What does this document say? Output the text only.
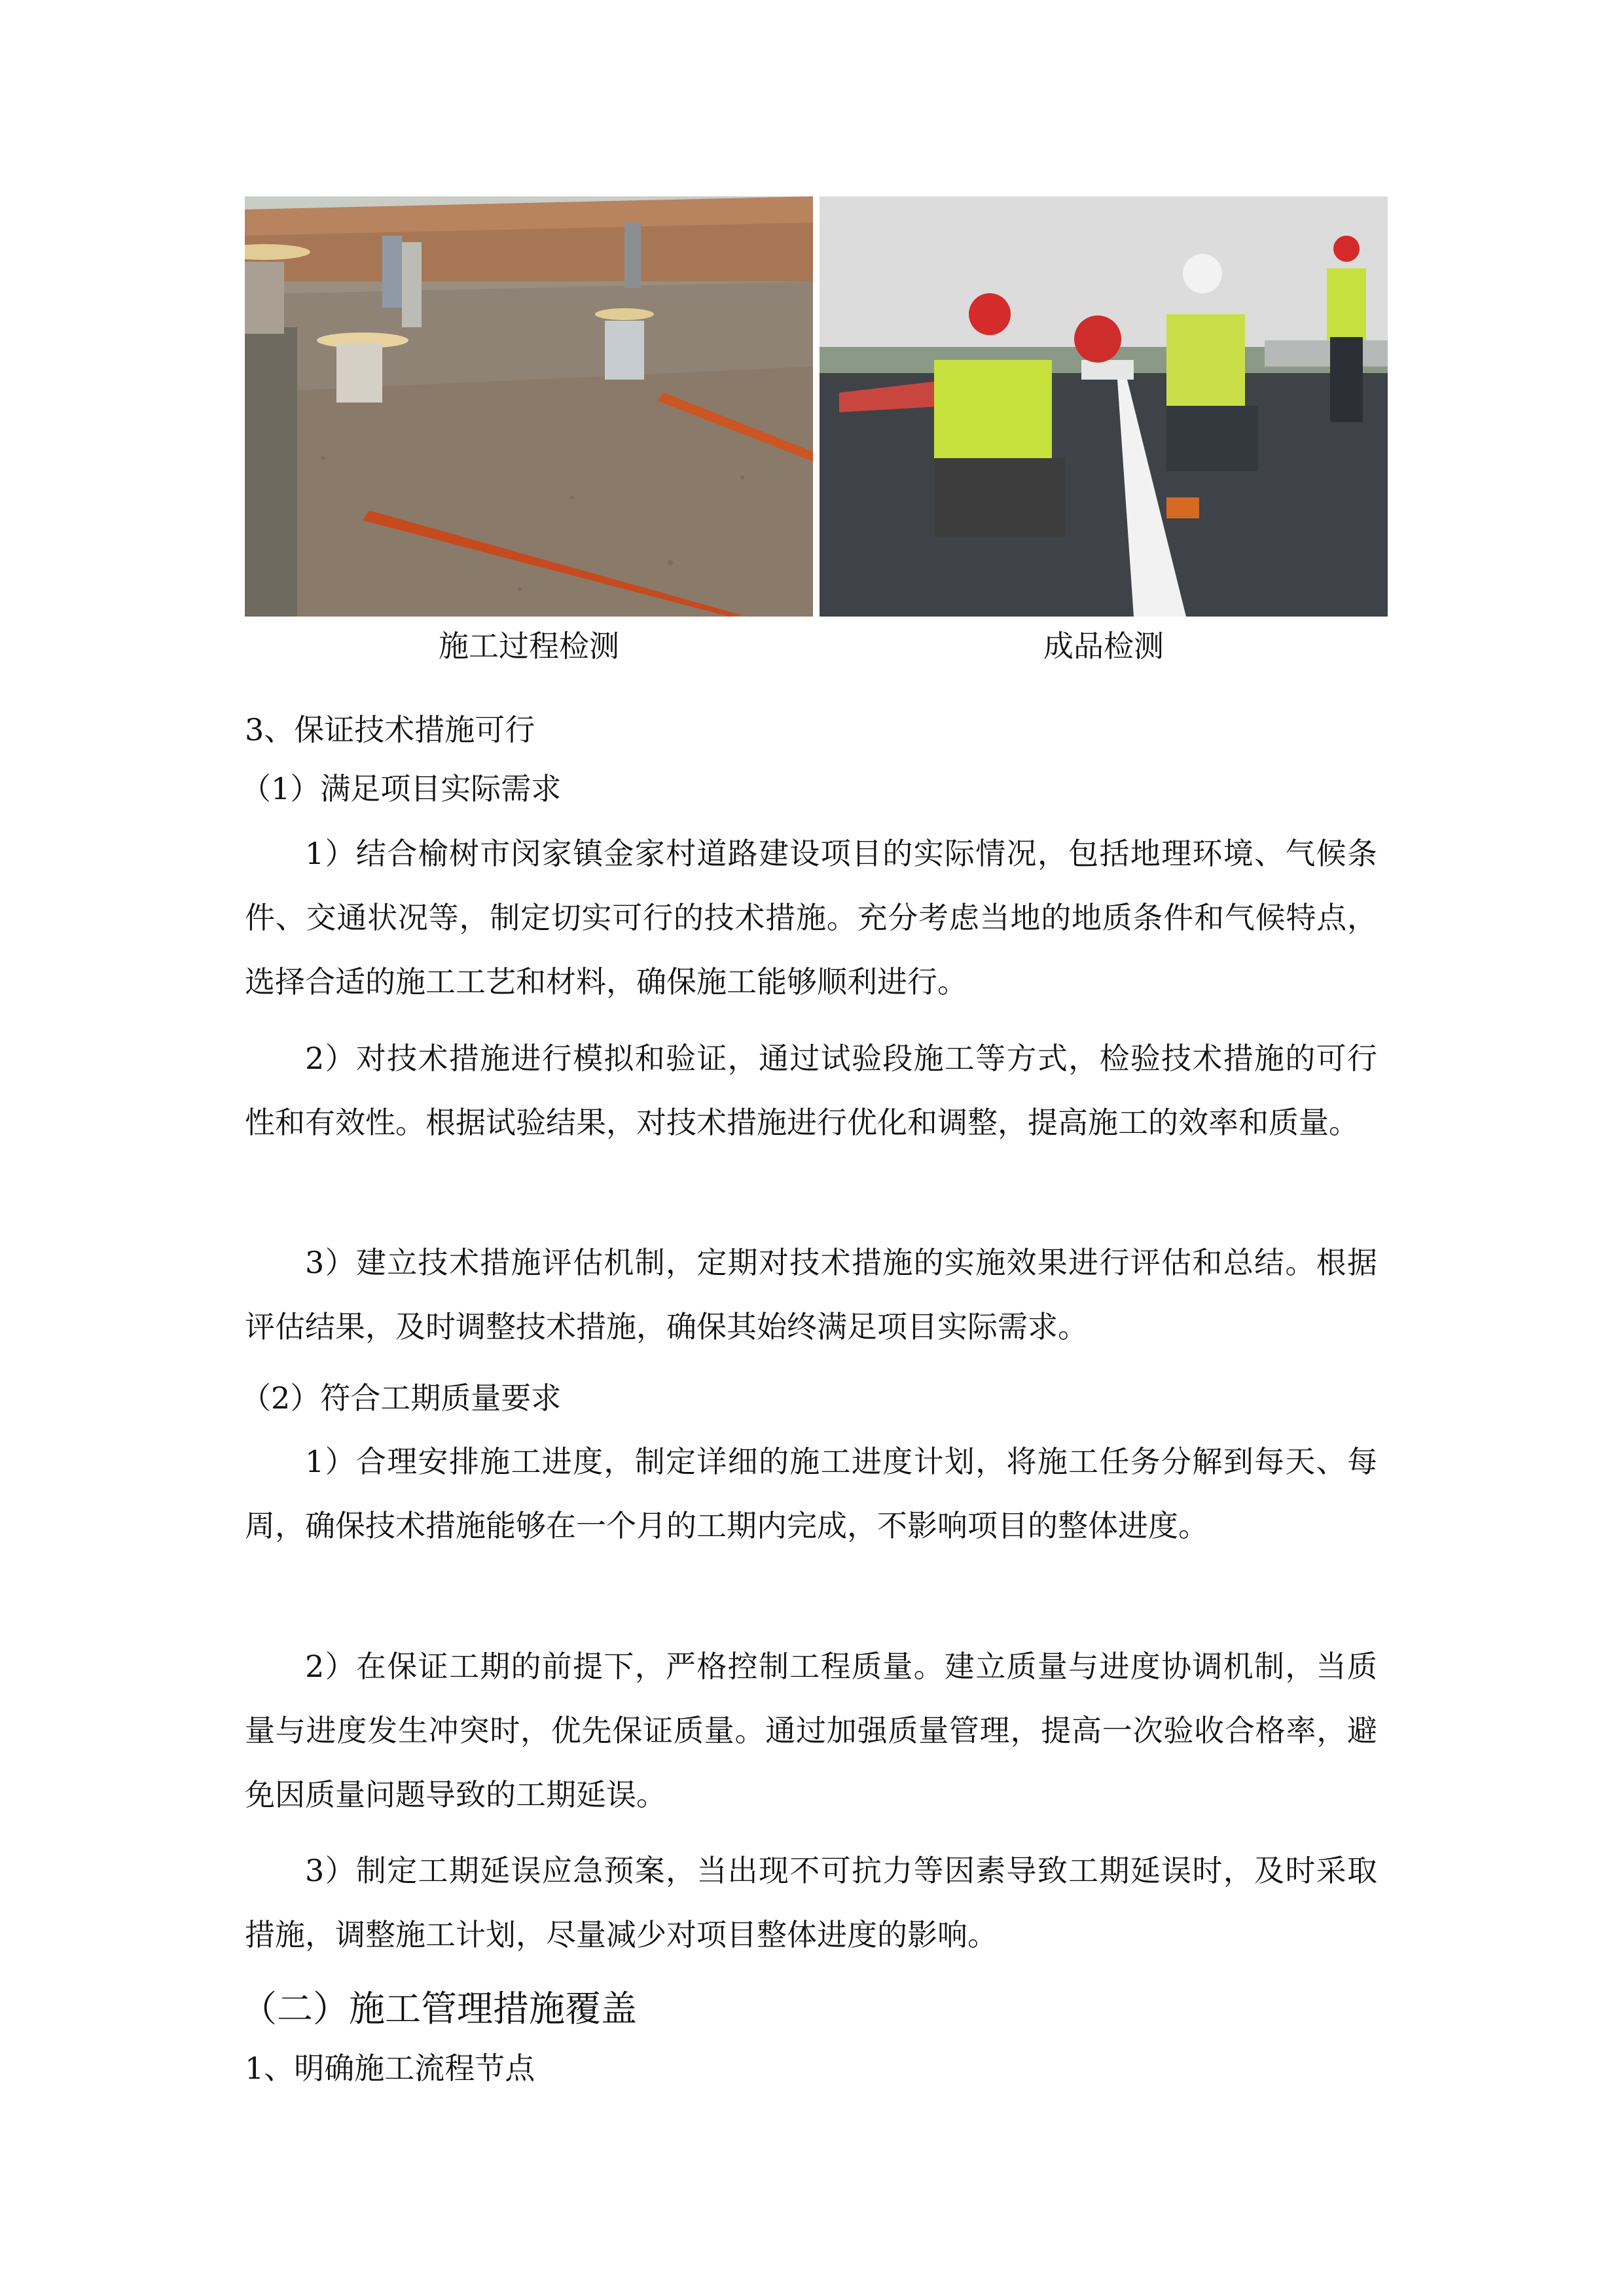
施工过程检测	成品检测
3、保证技术措施可行
（1）满足项目实际需求
1）结合榆树市闵家镇金家村道路建设项目的实际情况，包括地理环境、气候条件、交通状况等，制定切实可行的技术措施。充分考虑当地的地质条件和气候特点，选择合适的施工工艺和材料，确保施工能够顺利进行。
2）对技术措施进行模拟和验证，通过试验段施工等方式，检验技术措施的可行性和有效性。根据试验结果，对技术措施进行优化和调整，提高施工的效率和质量。
3）建立技术措施评估机制，定期对技术措施的实施效果进行评估和总结。根据评估结果，及时调整技术措施，确保其始终满足项目实际需求。
（2）符合工期质量要求
1）合理安排施工进度，制定详细的施工进度计划，将施工任务分解到每天、每周，确保技术措施能够在一个月的工期内完成，不影响项目的整体进度。
2）在保证工期的前提下，严格控制工程质量。建立质量与进度协调机制，当质量与进度发生冲突时，优先保证质量。通过加强质量管理，提高一次验收合格率，避免因质量问题导致的工期延误。
3）制定工期延误应急预案，当出现不可抗力等因素导致工期延误时，及时采取措施，调整施工计划，尽量减少对项目整体进度的影响。
（二）施工管理措施覆盖
1、明确施工流程节点
